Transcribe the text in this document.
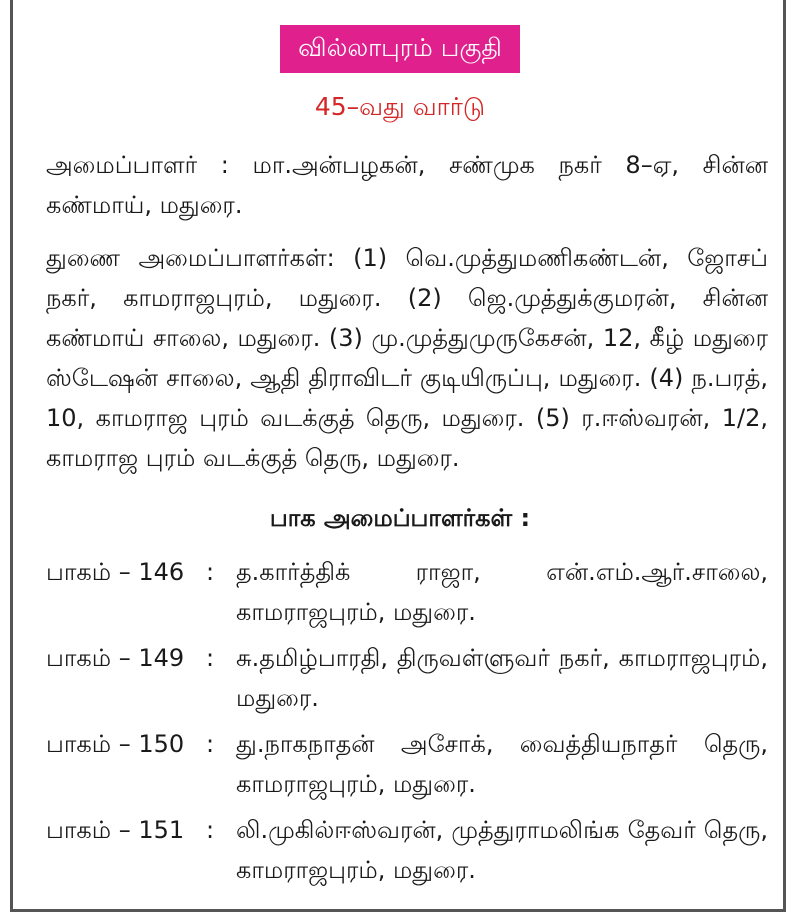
வில்லாபுரம் பகுதி
45–வது வார்டு
அமைப்பாளர் : மா.அன்பழகன், சண்முக நகர் 8–ஏ, சின்ன கண்மாய், மதுரை.
துணை அமைப்பாளர்கள்: (1) வெ.முத்துமணிகண்டன், ஜோசப் நகர், காமராஜபுரம், மதுரை. (2) ஜெ.முத்துக்குமரன், சின்ன கண்மாய் சாலை, மதுரை. (3) மு.முத்துமுருகேசன், 12, கீழ் மதுரை ஸ்டேஷன் சாலை, ஆதி திராவிடர் குடியிருப்பு, மதுரை. (4) ந.பரத், 10, காமராஜ புரம் வடக்குத் தெரு, மதுரை. (5) ர.ஈஸ்வரன், 1/2, காமராஜ புரம் வடக்குத் தெரு, மதுரை.
பாக அமைப்பாளர்கள் :
பாகம் – 146 : த.கார்த்திக் ராஜா, என்.எம்.ஆர்.சாலை, காமராஜபுரம், மதுரை.
பாகம் – 149 : சு.தமிழ்பாரதி, திருவள்ளுவர் நகர், காமராஜபுரம், மதுரை.
பாகம் – 150 : து.நாகநாதன் அசோக், வைத்தியநாதர் தெரு, காமராஜபுரம், மதுரை.
பாகம் – 151 : லி.முகில்ஈஸ்வரன், முத்துராமலிங்க தேவர் தெரு, காமராஜபுரம், மதுரை.
